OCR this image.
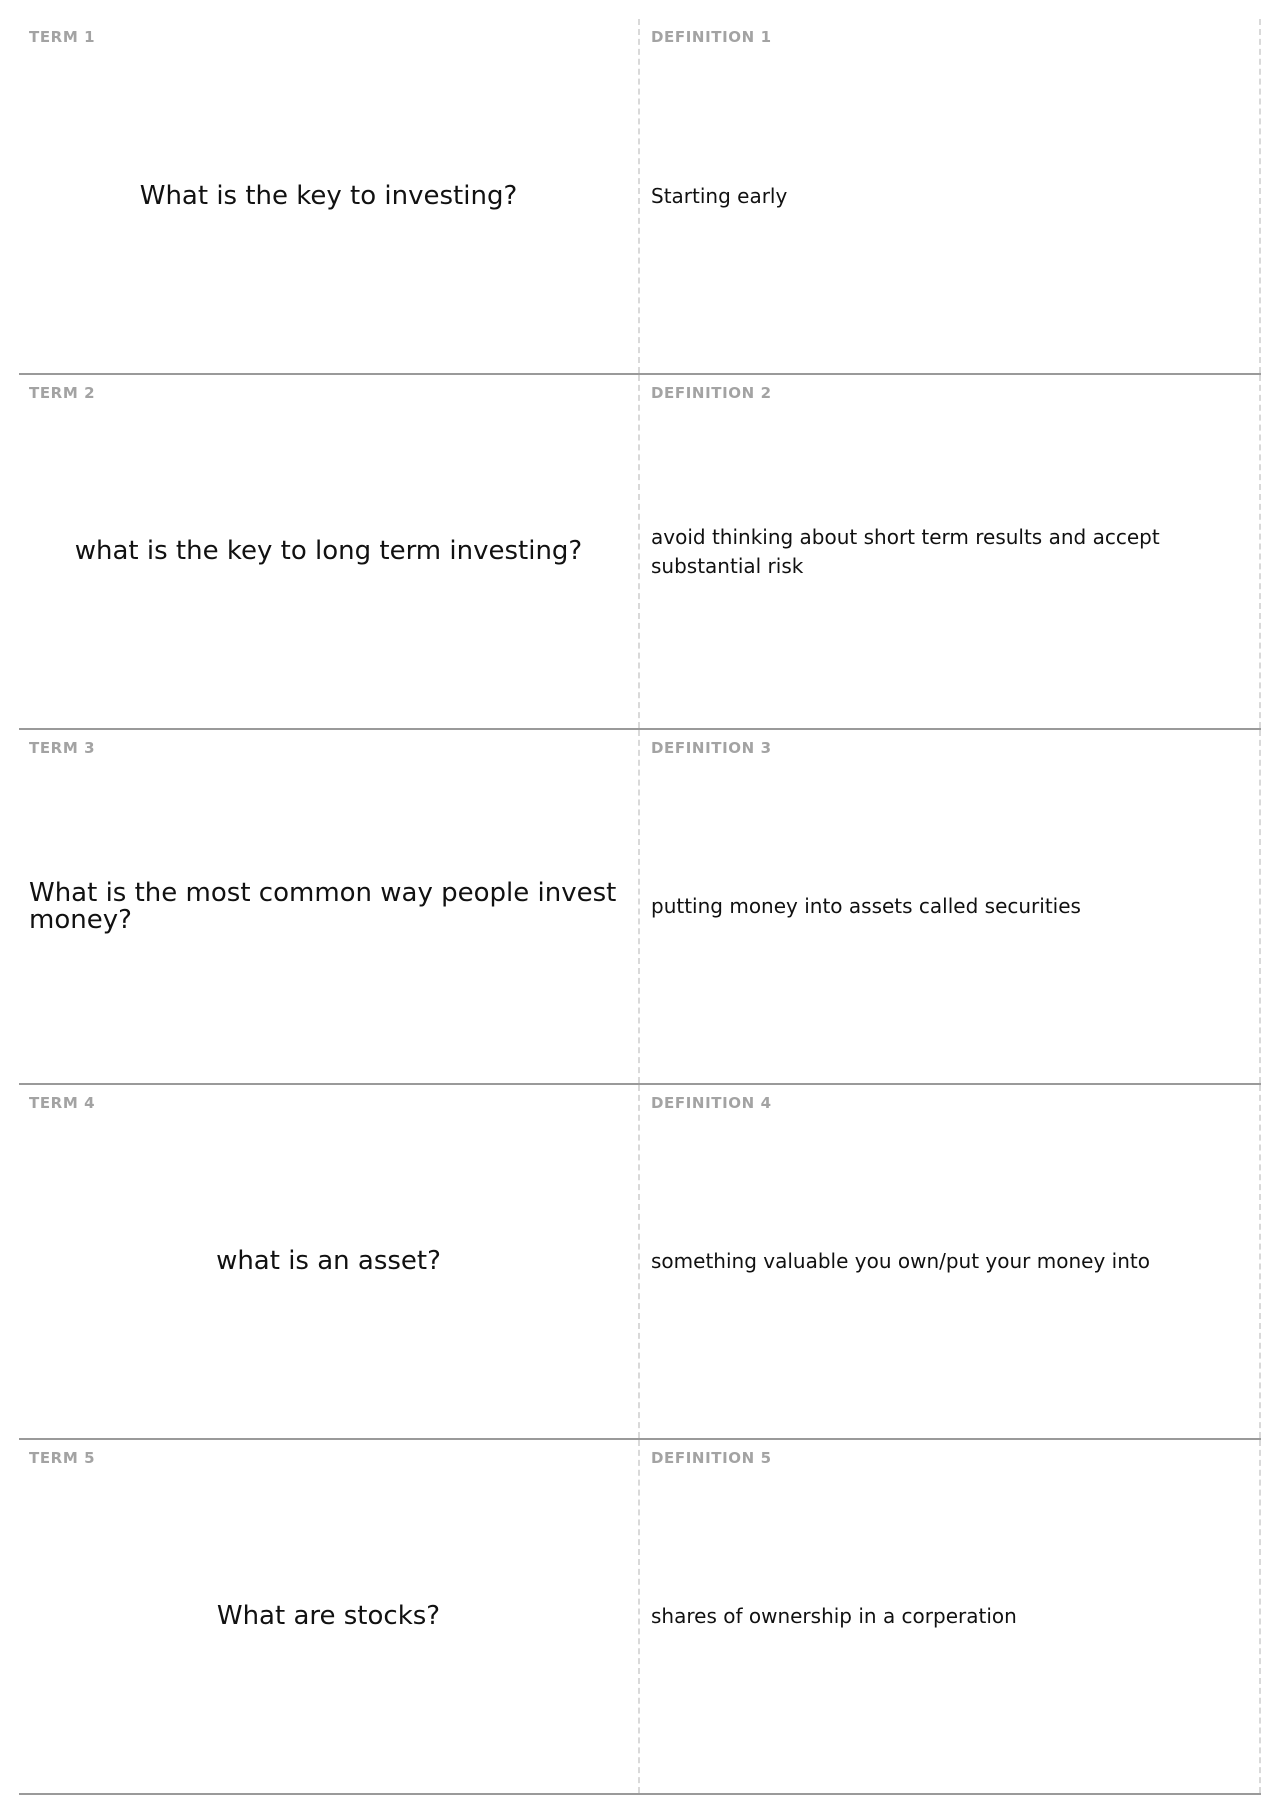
TERM 1
What is the key to investing?
DEFINITION 1
Starting early
TERM 2
what is the key to long term investing?
DEFINITION 2
avoid thinking about short term results and accept substantial risk
TERM 3
What is the most common way people invest money?
DEFINITION 3
putting money into assets called securities
TERM 4
what is an asset?
DEFINITION 4
something valuable you own/put your money into
TERM 5
What are stocks?
DEFINITION 5
shares of ownership in a corperation
